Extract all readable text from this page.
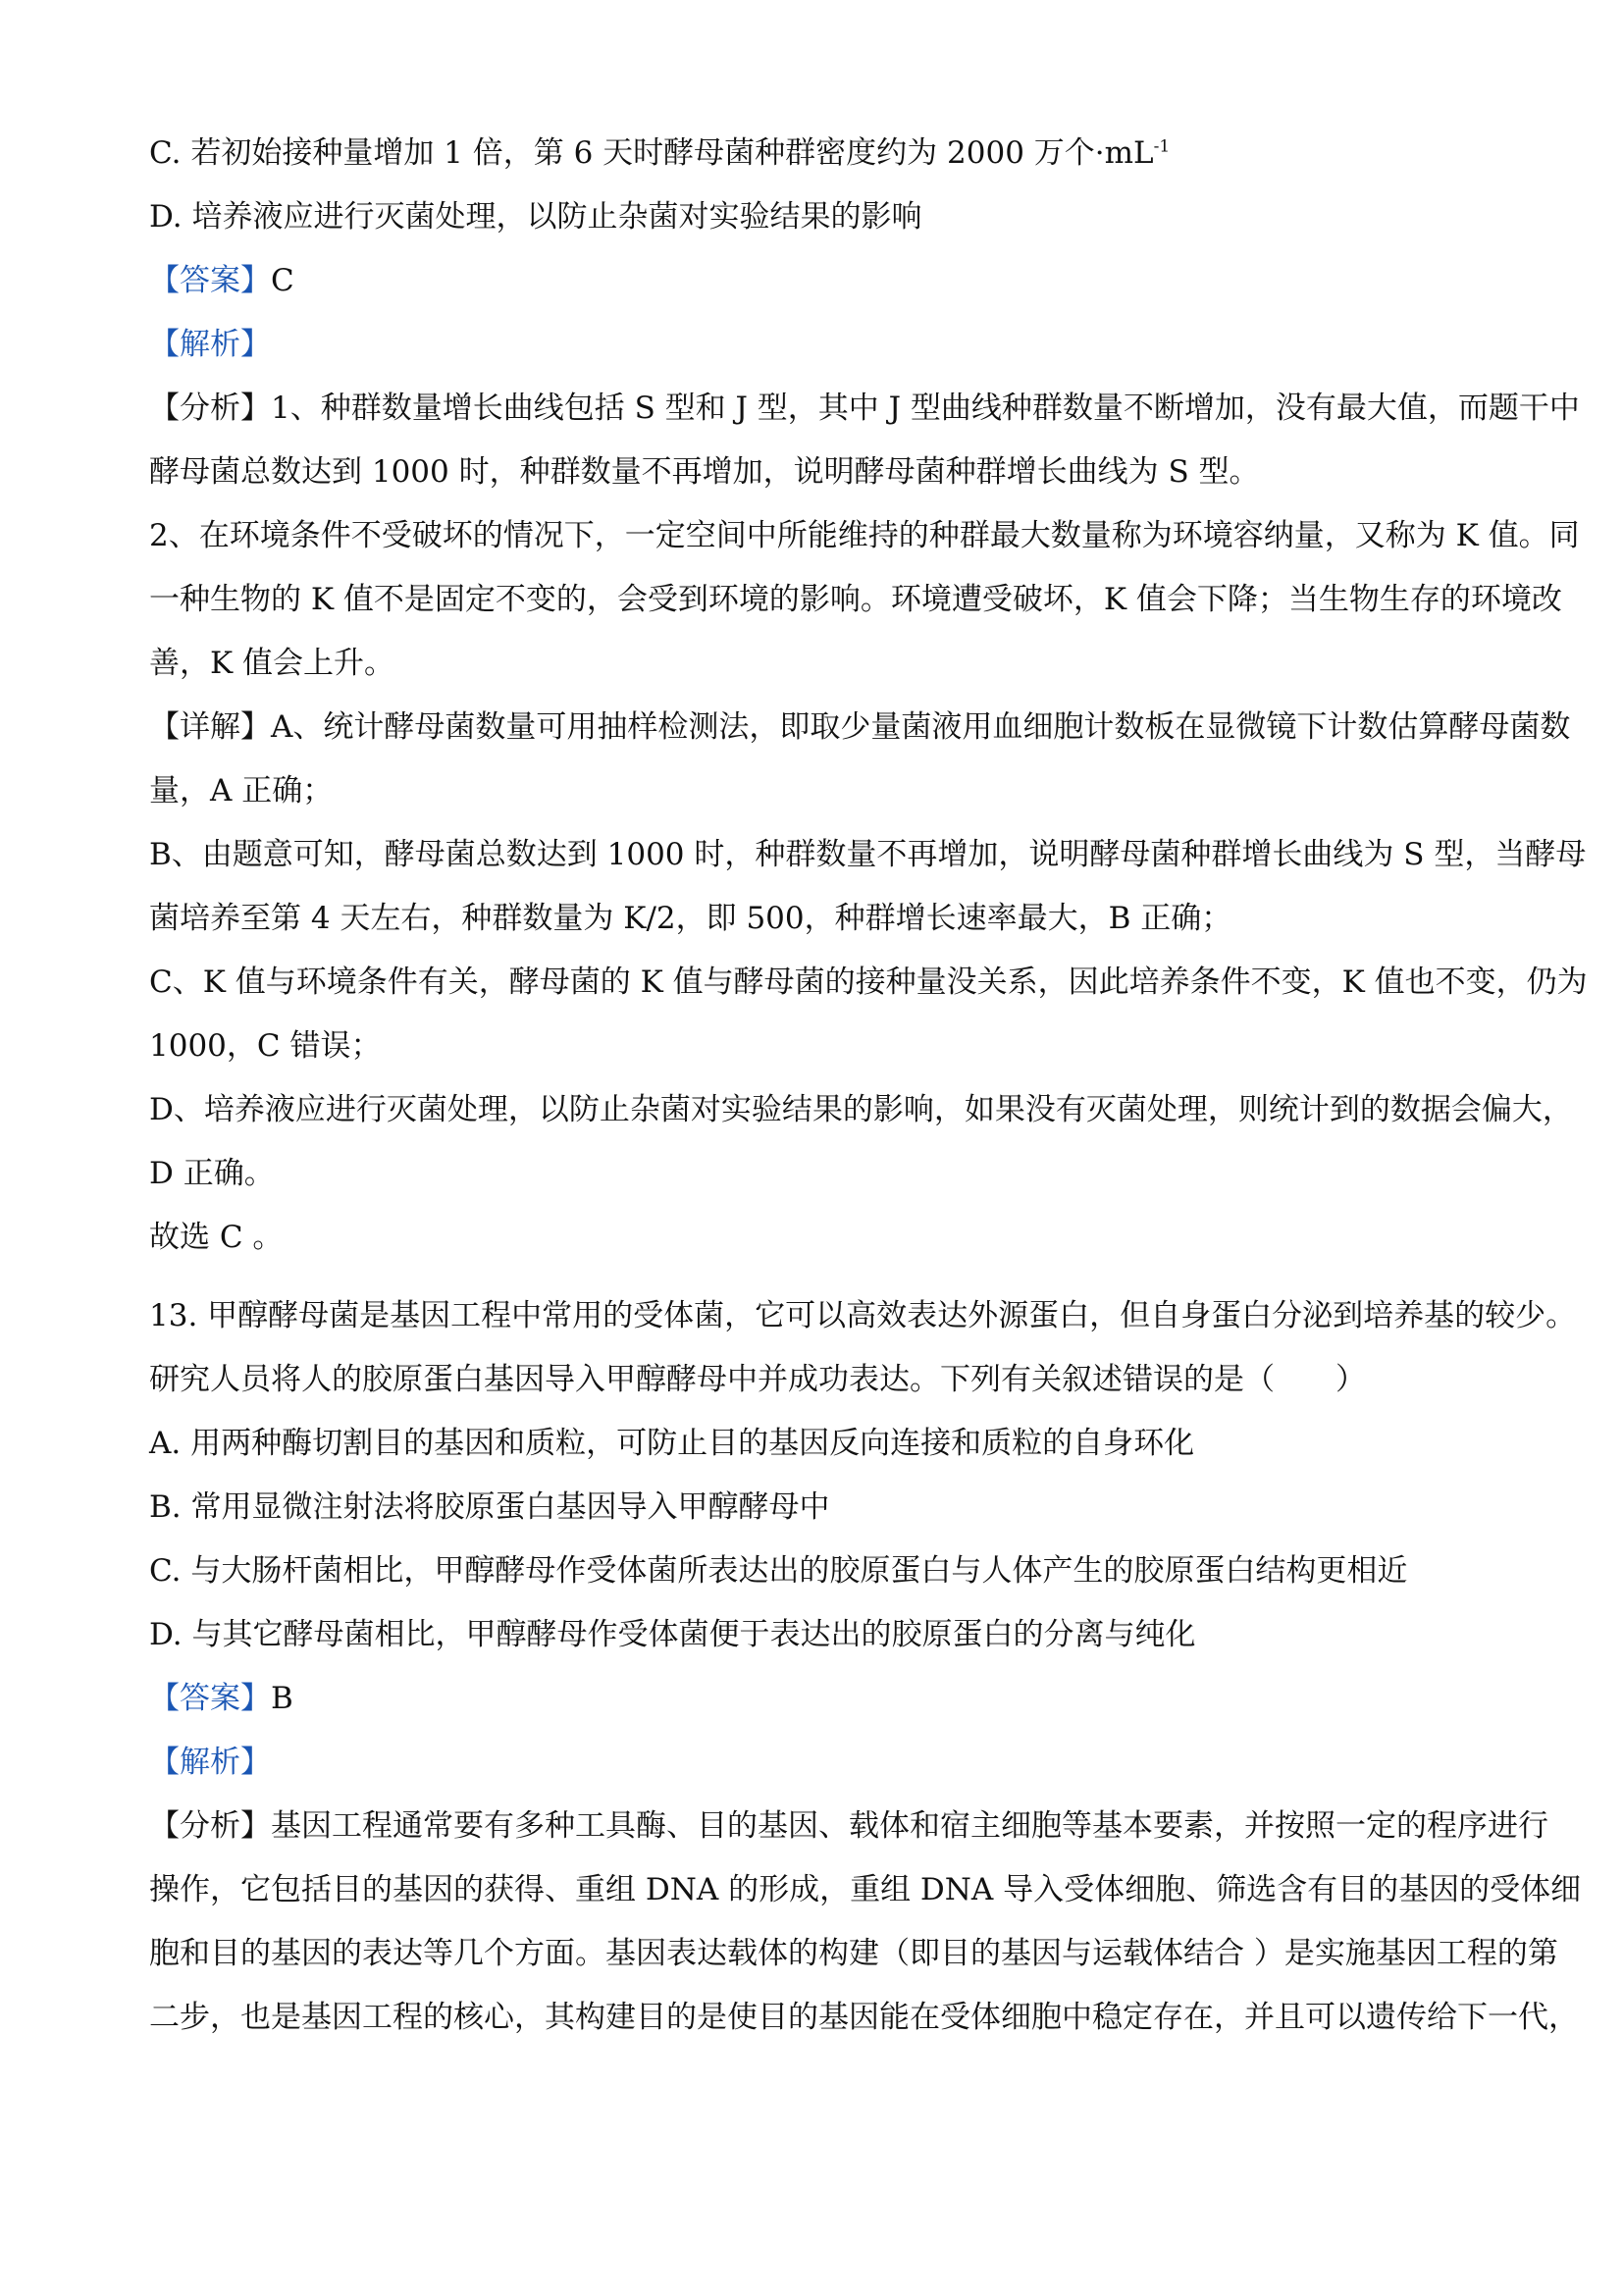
C. 若初始接种量增加 1 倍，第 6 天时酵母菌种群密度约为 2000 万个$\cdot mL^{-1}$
D. 培养液应进行灭菌处理，以防止杂菌对实验结果的影响
【答案】C
【解析】
【分析】1、种群数量增长曲线包括 S 型和 J 型，其中 J 型曲线种群数量不断增加，没有最大值，而题干中
酵母菌总数达到 1000 时，种群数量不再增加，说明酵母菌种群增长曲线为 S 型。
2、在环境条件不受破坏的情况下，一定空间中所能维持的种群最大数量称为环境容纳量，又称为 K 值。同
一种生物的 K 值不是固定不变的，会受到环境的影响。环境遭受破坏，K 值会下降；当生物生存的环境改
善，K 值会上升。
【详解】A、统计酵母菌数量可用抽样检测法，即取少量菌液用血细胞计数板在显微镜下计数估算酵母菌数
量，A 正确；
B、由题意可知，酵母菌总数达到 1000 时，种群数量不再增加，说明酵母菌种群增长曲线为 S 型，当酵母
菌培养至第 4 天左右，种群数量为 K/2，即 500，种群增长速率最大，B 正确；
C、K 值与环境条件有关，酵母菌的 K 值与酵母菌的接种量没关系，因此培养条件不变，K 值也不变，仍为
1000，C 错误；
D、培养液应进行灭菌处理，以防止杂菌对实验结果的影响，如果没有灭菌处理，则统计到的数据会偏大，
D 正确。
故选 C 。
13. 甲醇酵母菌是基因工程中常用的受体菌，它可以高效表达外源蛋白，但自身蛋白分泌到培养基的较少。
研究人员将人的胶原蛋白基因导入甲醇酵母中并成功表达。下列有关叙述错误的是（　　）
A. 用两种酶切割目的基因和质粒，可防止目的基因反向连接和质粒的自身环化
B. 常用显微注射法将胶原蛋白基因导入甲醇酵母中
C. 与大肠杆菌相比，甲醇酵母作受体菌所表达出的胶原蛋白与人体产生的胶原蛋白结构更相近
D. 与其它酵母菌相比，甲醇酵母作受体菌便于表达出的胶原蛋白的分离与纯化
【答案】B
【解析】
【分析】基因工程通常要有多种工具酶、目的基因、载体和宿主细胞等基本要素，并按照一定的程序进行
操作，它包括目的基因的获得、重组 DNA 的形成，重组 DNA 导入受体细胞、筛选含有目的基因的受体细
胞和目的基因的表达等几个方面。基因表达载体的构建（即目的基因与运载体结合 ）是实施基因工程的第
二步，也是基因工程的核心，其构建目的是使目的基因能在受体细胞中稳定存在，并且可以遗传给下一代，
